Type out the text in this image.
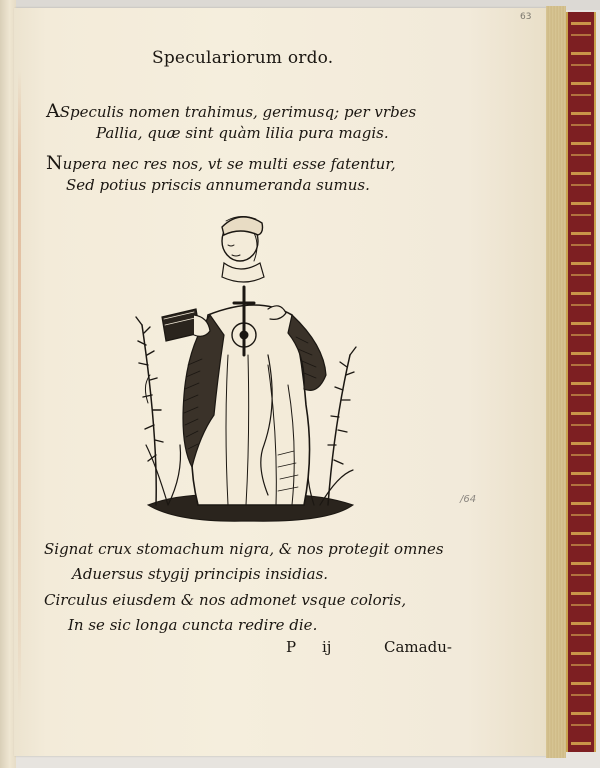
63
Speculariorum ordo.
ASpeculis nomen trahimus, gerimusq; per vrbes
Pallia, quæ sint quàm lilia pura magis.
Nupera nec res nos, vt se multi esse fatentur,
Sed potius priscis annumeranda sumus.
/64
Signat crux stomachum nigra, & nos protegit omnes
Aduersus stygij principis insidias.
Circulus eiusdem & nos admonet vsque coloris,
In se sic longa cuncta redire die.
P ij	Camadu-
